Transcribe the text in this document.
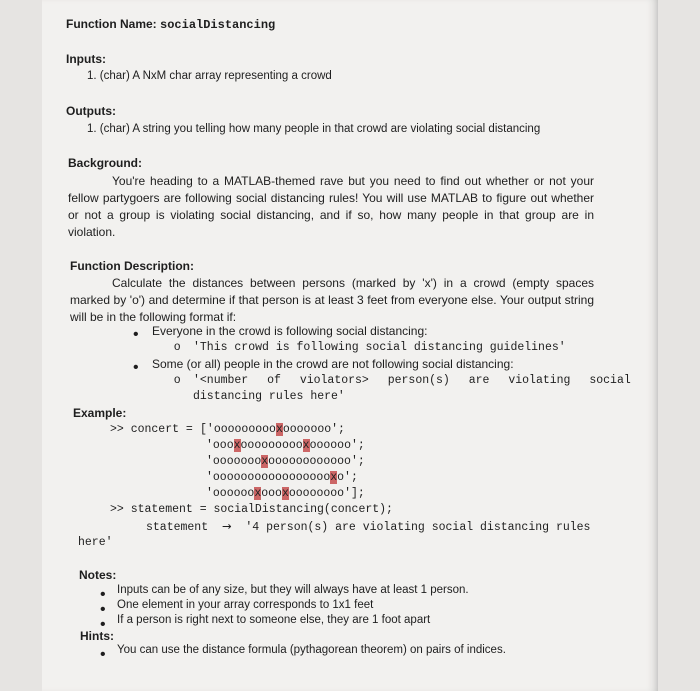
Function Name: socialDistancing
Inputs:
1. (char) A NxM char array representing a crowd
Outputs:
1. (char) A string you telling how many people in that crowd are violating social distancing
Background:
You're heading to a MATLAB-themed rave but you need to find out whether or not your fellow partygoers are following social distancing rules! You will use MATLAB to figure out whether or not a group is violating social distancing, and if so, how many people in that group are in violation.
Function Description:
Calculate the distances between persons (marked by 'x') in a crowd (empty spaces marked by 'o') and determine if that person is at least 3 feet from everyone else. Your output string will be in the following format if:
• Everyone in the crowd is following social distancing:
o 'This crowd is following social distancing guidelines'
• Some (or all) people in the crowd are not following social distancing:
o '<number of violators> person(s) are violating social
distancing rules here'
Example:
>> concert = ['oooooooooxooooooo';
'oooxoooooooooxoooooo';
'oooooooxoooooooooooo';
'oooooooooooooooooxo';
'ooooooxoooxoooooooo'];
>> statement = socialDistancing(concert);
statement → '4 person(s) are violating social distancing rules
here'
Notes:
• Inputs can be of any size, but they will always have at least 1 person.
• One element in your array corresponds to 1x1 feet
• If a person is right next to someone else, they are 1 foot apart
Hints:
• You can use the distance formula (pythagorean theorem) on pairs of indices.
